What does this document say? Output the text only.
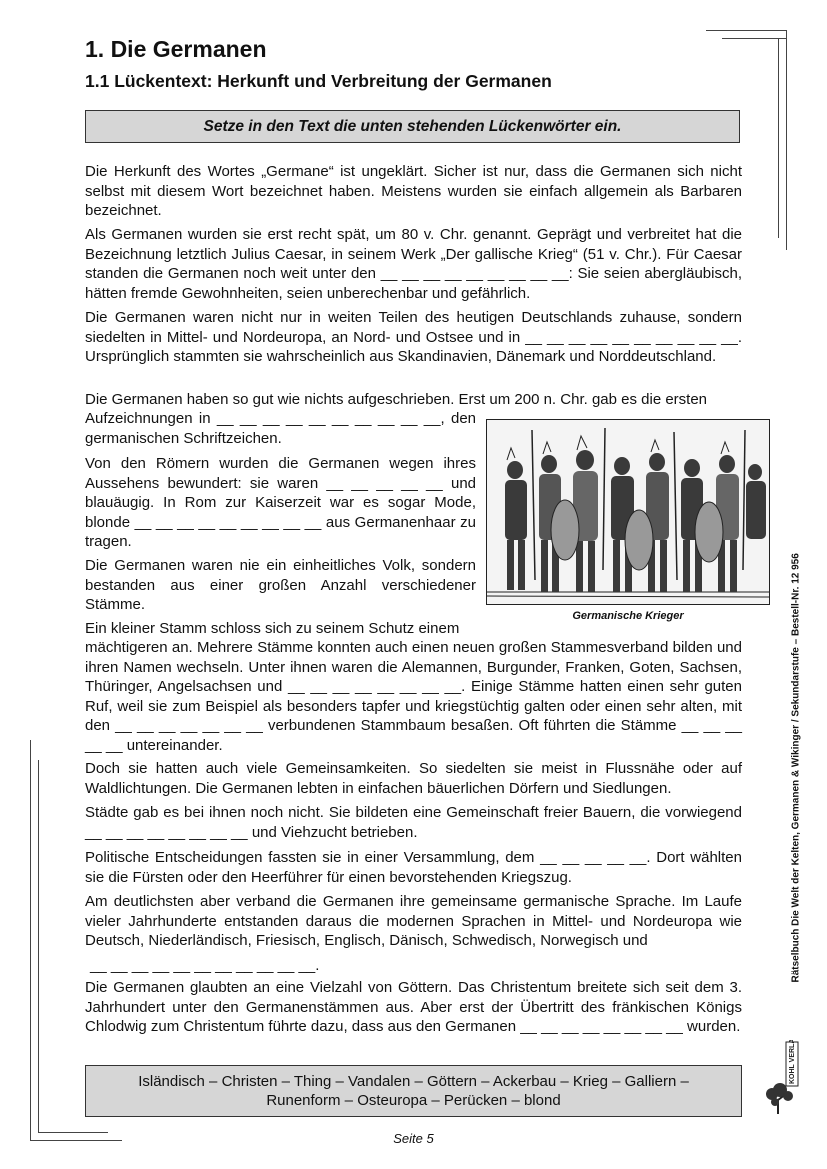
1. Die Germanen
1.1 Lückentext: Herkunft und Verbreitung der Germanen
Setze in den Text die unten stehenden Lückenwörter ein.

Die Herkunft des Wortes „Germane“ ist ungeklärt. Sicher ist nur, dass die Germanen sich nicht selbst mit diesem Wort bezeichnet haben. Meistens wurden sie einfach allgemein als Barbaren bezeichnet.

Als Germanen wurden sie erst recht spät, um 80 v. Chr. genannt. Geprägt und verbreitet hat die Bezeichnung letztlich Julius Caesar, in seinem Werk „Der gallische Krieg“ (51 v. Chr.). Für Caesar standen die Germanen noch weit unter den __ __ __ __ __ __ __ __ __: Sie seien abergläubisch, hätten fremde Gewohnheiten, seien unberechenbar und gefährlich.

Die Germanen waren nicht nur in weiten Teilen des heutigen Deutschlands zuhause, sondern siedelten in Mittel- und Nordeuropa, an Nord- und Ostsee und in __ __ __ __ __ __ __ __ __ __. Ursprünglich stammten sie wahrscheinlich aus Skandinavien, Dänemark und Norddeutschland.

Die Germanen haben so gut wie nichts aufgeschrieben. Erst um 200 n. Chr. gab es die ersten

Aufzeichnungen in __ __ __ __ __ __ __ __ __ __, den germanischen Schriftzeichen.

Von den Römern wurden die Germanen wegen ihres Aussehens bewundert: sie waren __ __ __ __ __ und blauäugig. In Rom zur Kaiserzeit war es sogar Mode, blonde __ __ __ __ __ __ __ __ __ aus Germanenhaar zu tragen.

Die Germanen waren nie ein einheitliches Volk, sondern bestanden aus einer großen Anzahl verschiedener Stämme.

Ein kleiner Stamm schloss sich zu seinem Schutz einem

mächtigeren an. Mehrere Stämme konnten auch einen neuen großen Stammesverband bilden und ihren Namen wechseln. Unter ihnen waren die Alemannen, Burgunder, Franken, Goten, Sachsen, Thüringer, Angelsachsen und __ __ __ __ __ __ __ __. Einige Stämme hatten einen sehr guten Ruf, weil sie zum Beispiel als besonders tapfer und kriegstüchtig galten oder einen sehr alten, mit den __ __ __ __ __ __ __ verbundenen Stammbaum besaßen. Oft führten die Stämme __ __ __ __ __ untereinander.

Doch sie hatten auch viele Gemeinsamkeiten. So siedelten sie meist in Flussnähe oder auf Waldlichtungen. Die Germanen lebten in einfachen bäuerlichen Dörfern und Siedlungen.

Städte gab es bei ihnen noch nicht. Sie bildeten eine Gemeinschaft freier Bauern, die vorwiegend __ __ __ __ __ __ __ __ und Viehzucht betrieben.

Politische Entscheidungen fassten sie in einer Versammlung, dem __ __ __ __ __. Dort wählten sie die Fürsten oder den Heerführer für einen bevorstehenden Kriegszug.

Am deutlichsten aber verband die Germanen ihre gemeinsame germanische Sprache. Im Laufe vieler Jahrhunderte entstanden daraus die modernen Sprachen in Mittel- und Nordeuropa wie Deutsch, Niederländisch, Friesisch, Englisch, Dänisch, Schwedisch, Norwegisch und

__ __ __ __ __ __ __ __ __ __ __.

Die Germanen glaubten an eine Vielzahl von Göttern. Das Christentum breitete sich seit dem 3. Jahrhundert unter den Germanenstämmen aus. Aber erst der Übertritt des fränkischen Königs Chlodwig zum Christentum führte dazu, dass aus den Germanen __ __ __ __ __ __ __ __ wurden.

Germanische Krieger	Rätselbuch Die Welt der Kelten, Germanen & Wikinger / Sekundarstufe – Bestell-Nr. 12 956
Isländisch – Christen – Thing – Vandalen – Göttern – Ackerbau – Krieg – Galliern –
Runenform – Osteuropa – Perücken – blond
KOHL VERLAG
Seite 5
